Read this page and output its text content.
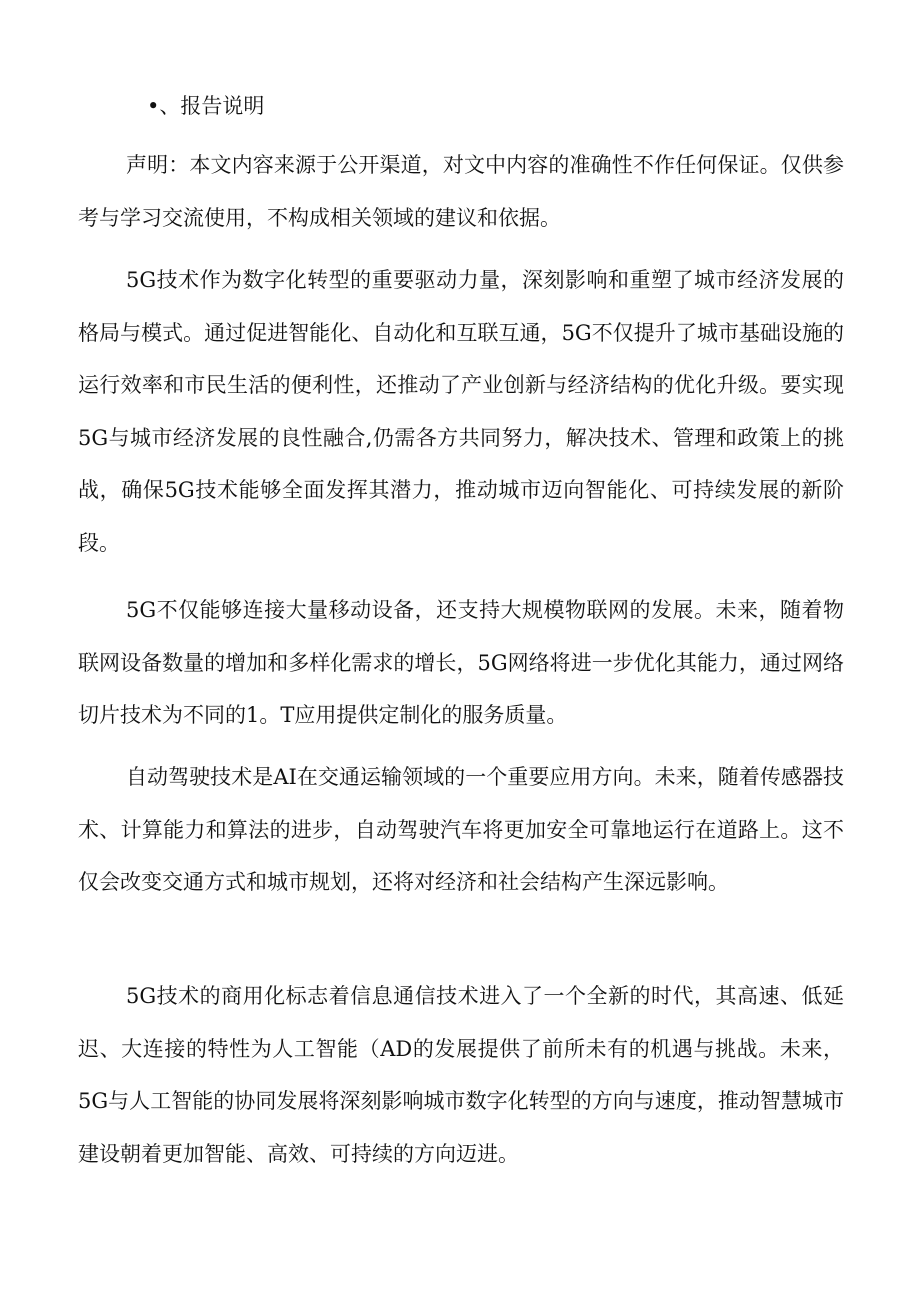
•、报告说明

声明：本文内容来源于公开渠道，对文中内容的准确性不作任何保证。仅供参考与学习交流使用，不构成相关领域的建议和依据。

5G技术作为数字化转型的重要驱动力量，深刻影响和重塑了城市经济发展的格局与模式。通过促进智能化、自动化和互联互通，5G不仅提升了城市基础设施的运行效率和市民生活的便利性，还推动了产业创新与经济结构的优化升级。要实现5G与城市经济发展的良性融合,仍需各方共同努力，解决技术、管理和政策上的挑战，确保5G技术能够全面发挥其潜力，推动城市迈向智能化、可持续发展的新阶段。

5G不仅能够连接大量移动设备，还支持大规模物联网的发展。未来，随着物联网设备数量的增加和多样化需求的增长，5G网络将进一步优化其能力，通过网络切片技术为不同的1。T应用提供定制化的服务质量。

自动驾驶技术是AI在交通运输领域的一个重要应用方向。未来，随着传感器技术、计算能力和算法的进步，自动驾驶汽车将更加安全可靠地运行在道路上。这不仅会改变交通方式和城市规划，还将对经济和社会结构产生深远影响。

5G技术的商用化标志着信息通信技术进入了一个全新的时代，其高速、低延迟、大连接的特性为人工智能（AD的发展提供了前所未有的机遇与挑战。未来，5G与人工智能的协同发展将深刻影响城市数字化转型的方向与速度，推动智慧城市建设朝着更加智能、高效、可持续的方向迈进。
